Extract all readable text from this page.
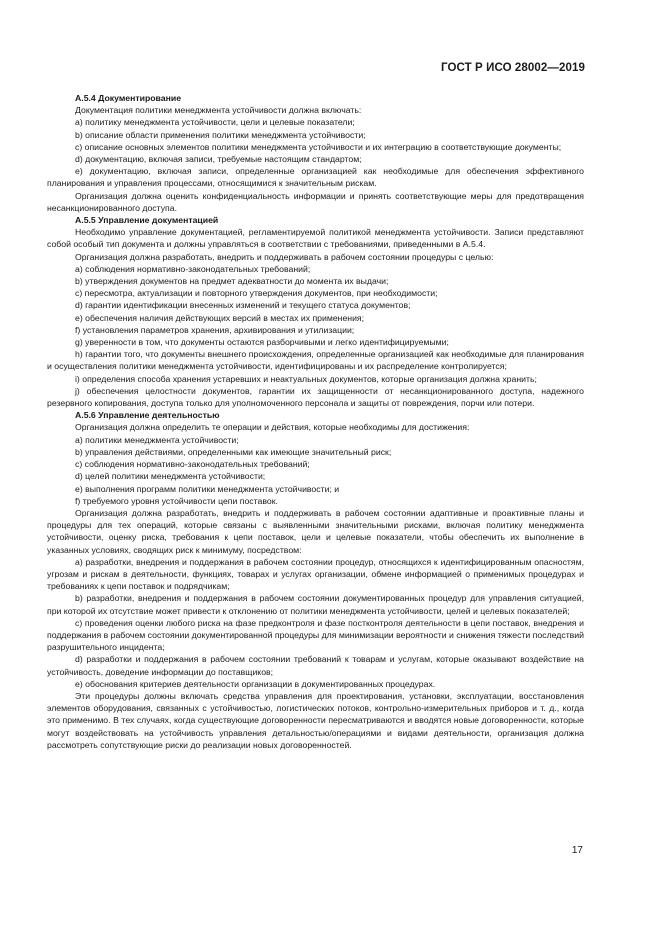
ГОСТ Р ИСО 28002—2019

A.5.4 Документирование

Документация политики менеджмента устойчивости должна включать:

a) политику менеджмента устойчивости, цели и целевые показатели;

b) описание области применения политики менеджмента устойчивости;

c) описание основных элементов политики менеджмента устойчивости и их интеграцию в соответствующие документы;

d) документацию, включая записи, требуемые настоящим стандартом;

e) документацию, включая записи, определенные организацией как необходимые для обеспечения эффективного планирования и управления процессами, относящимися к значительным рискам.

Организация должна оценить конфиденциальность информации и принять соответствующие меры для предотвращения несанкционированного доступа.

A.5.5 Управление документацией

Необходимо управление документацией, регламентируемой политикой менеджмента устойчивости. Записи представляют собой особый тип документа и должны управляться в соответствии с требованиями, приведенными в A.5.4.

Организация должна разработать, внедрить и поддерживать в рабочем состоянии процедуры с целью:

a) соблюдения нормативно-законодательных требований;

b) утверждения документов на предмет адекватности до момента их выдачи;

c) пересмотра, актуализации и повторного утверждения документов, при необходимости;

d) гарантии идентификации внесенных изменений и текущего статуса документов;

e) обеспечения наличия действующих версий в местах их применения;

f) установления параметров хранения, архивирования и утилизации;

g) уверенности в том, что документы остаются разборчивыми и легко идентифицируемыми;

h) гарантии того, что документы внешнего происхождения, определенные организацией как необходимые для планирования и осуществления политики менеджмента устойчивости, идентифицированы и их распределение контролируется;

i) определения способа хранения устаревших и неактуальных документов, которые организация должна хранить;

j) обеспечения целостности документов, гарантии их защищенности от несанкционированного доступа, надежного резервного копирования, доступа только для уполномоченного персонала и защиты от повреждения, порчи или потери.

A.5.6 Управление деятельностью

Организация должна определить те операции и действия, которые необходимы для достижения:

a) политики менеджмента устойчивости;

b) управления действиями, определенными как имеющие значительный риск;

c) соблюдения нормативно-законодательных требований;

d) целей политики менеджмента устойчивости;

e) выполнения программ политики менеджмента устойчивости; и

f) требуемого уровня устойчивости цепи поставок.

Организация должна разработать, внедрить и поддерживать в рабочем состоянии адаптивные и проактивные планы и процедуры для тех операций, которые связаны с выявленными значительными рисками, включая политику менеджмента устойчивости, оценку риска, требования к цепи поставок, цели и целевые показатели, чтобы обеспечить их выполнение в указанных условиях, сводящих риск к минимуму, посредством:

a) разработки, внедрения и поддержания в рабочем состоянии процедур, относящихся к идентифицированным опасностям, угрозам и рискам в деятельности, функциях, товарах и услугах организации, обмене информацией о применимых процедурах и требованиях к цепи поставок и подрядчикам;

b) разработки, внедрения и поддержания в рабочем состоянии документированных процедур для управления ситуацией, при которой их отсутствие может привести к отклонению от политики менеджмента устойчивости, целей и целевых показателей;

c) проведения оценки любого риска на фазе предконтроля и фазе постконтроля деятельности в цепи поставок, внедрения и поддержания в рабочем состоянии документированной процедуры для минимизации вероятности и снижения тяжести последствий разрушительного инцидента;

d) разработки и поддержания в рабочем состоянии требований к товарам и услугам, которые оказывают воздействие на устойчивость, доведение информации до поставщиков;

e) обоснования критериев деятельности организации в документированных процедурах.

Эти процедуры должны включать средства управления для проектирования, установки, эксплуатации, восстановления элементов оборудования, связанных с устойчивостью, логистических потоков, контрольно-измерительных приборов и т. д., когда это применимо. В тех случаях, когда существующие договоренности пересматриваются и вводятся новые договоренности, которые могут воздействовать на устойчивость управления детальностью/операциями и видами деятельности, организация должна рассмотреть сопутствующие риски до реализации новых договоренностей.

17
